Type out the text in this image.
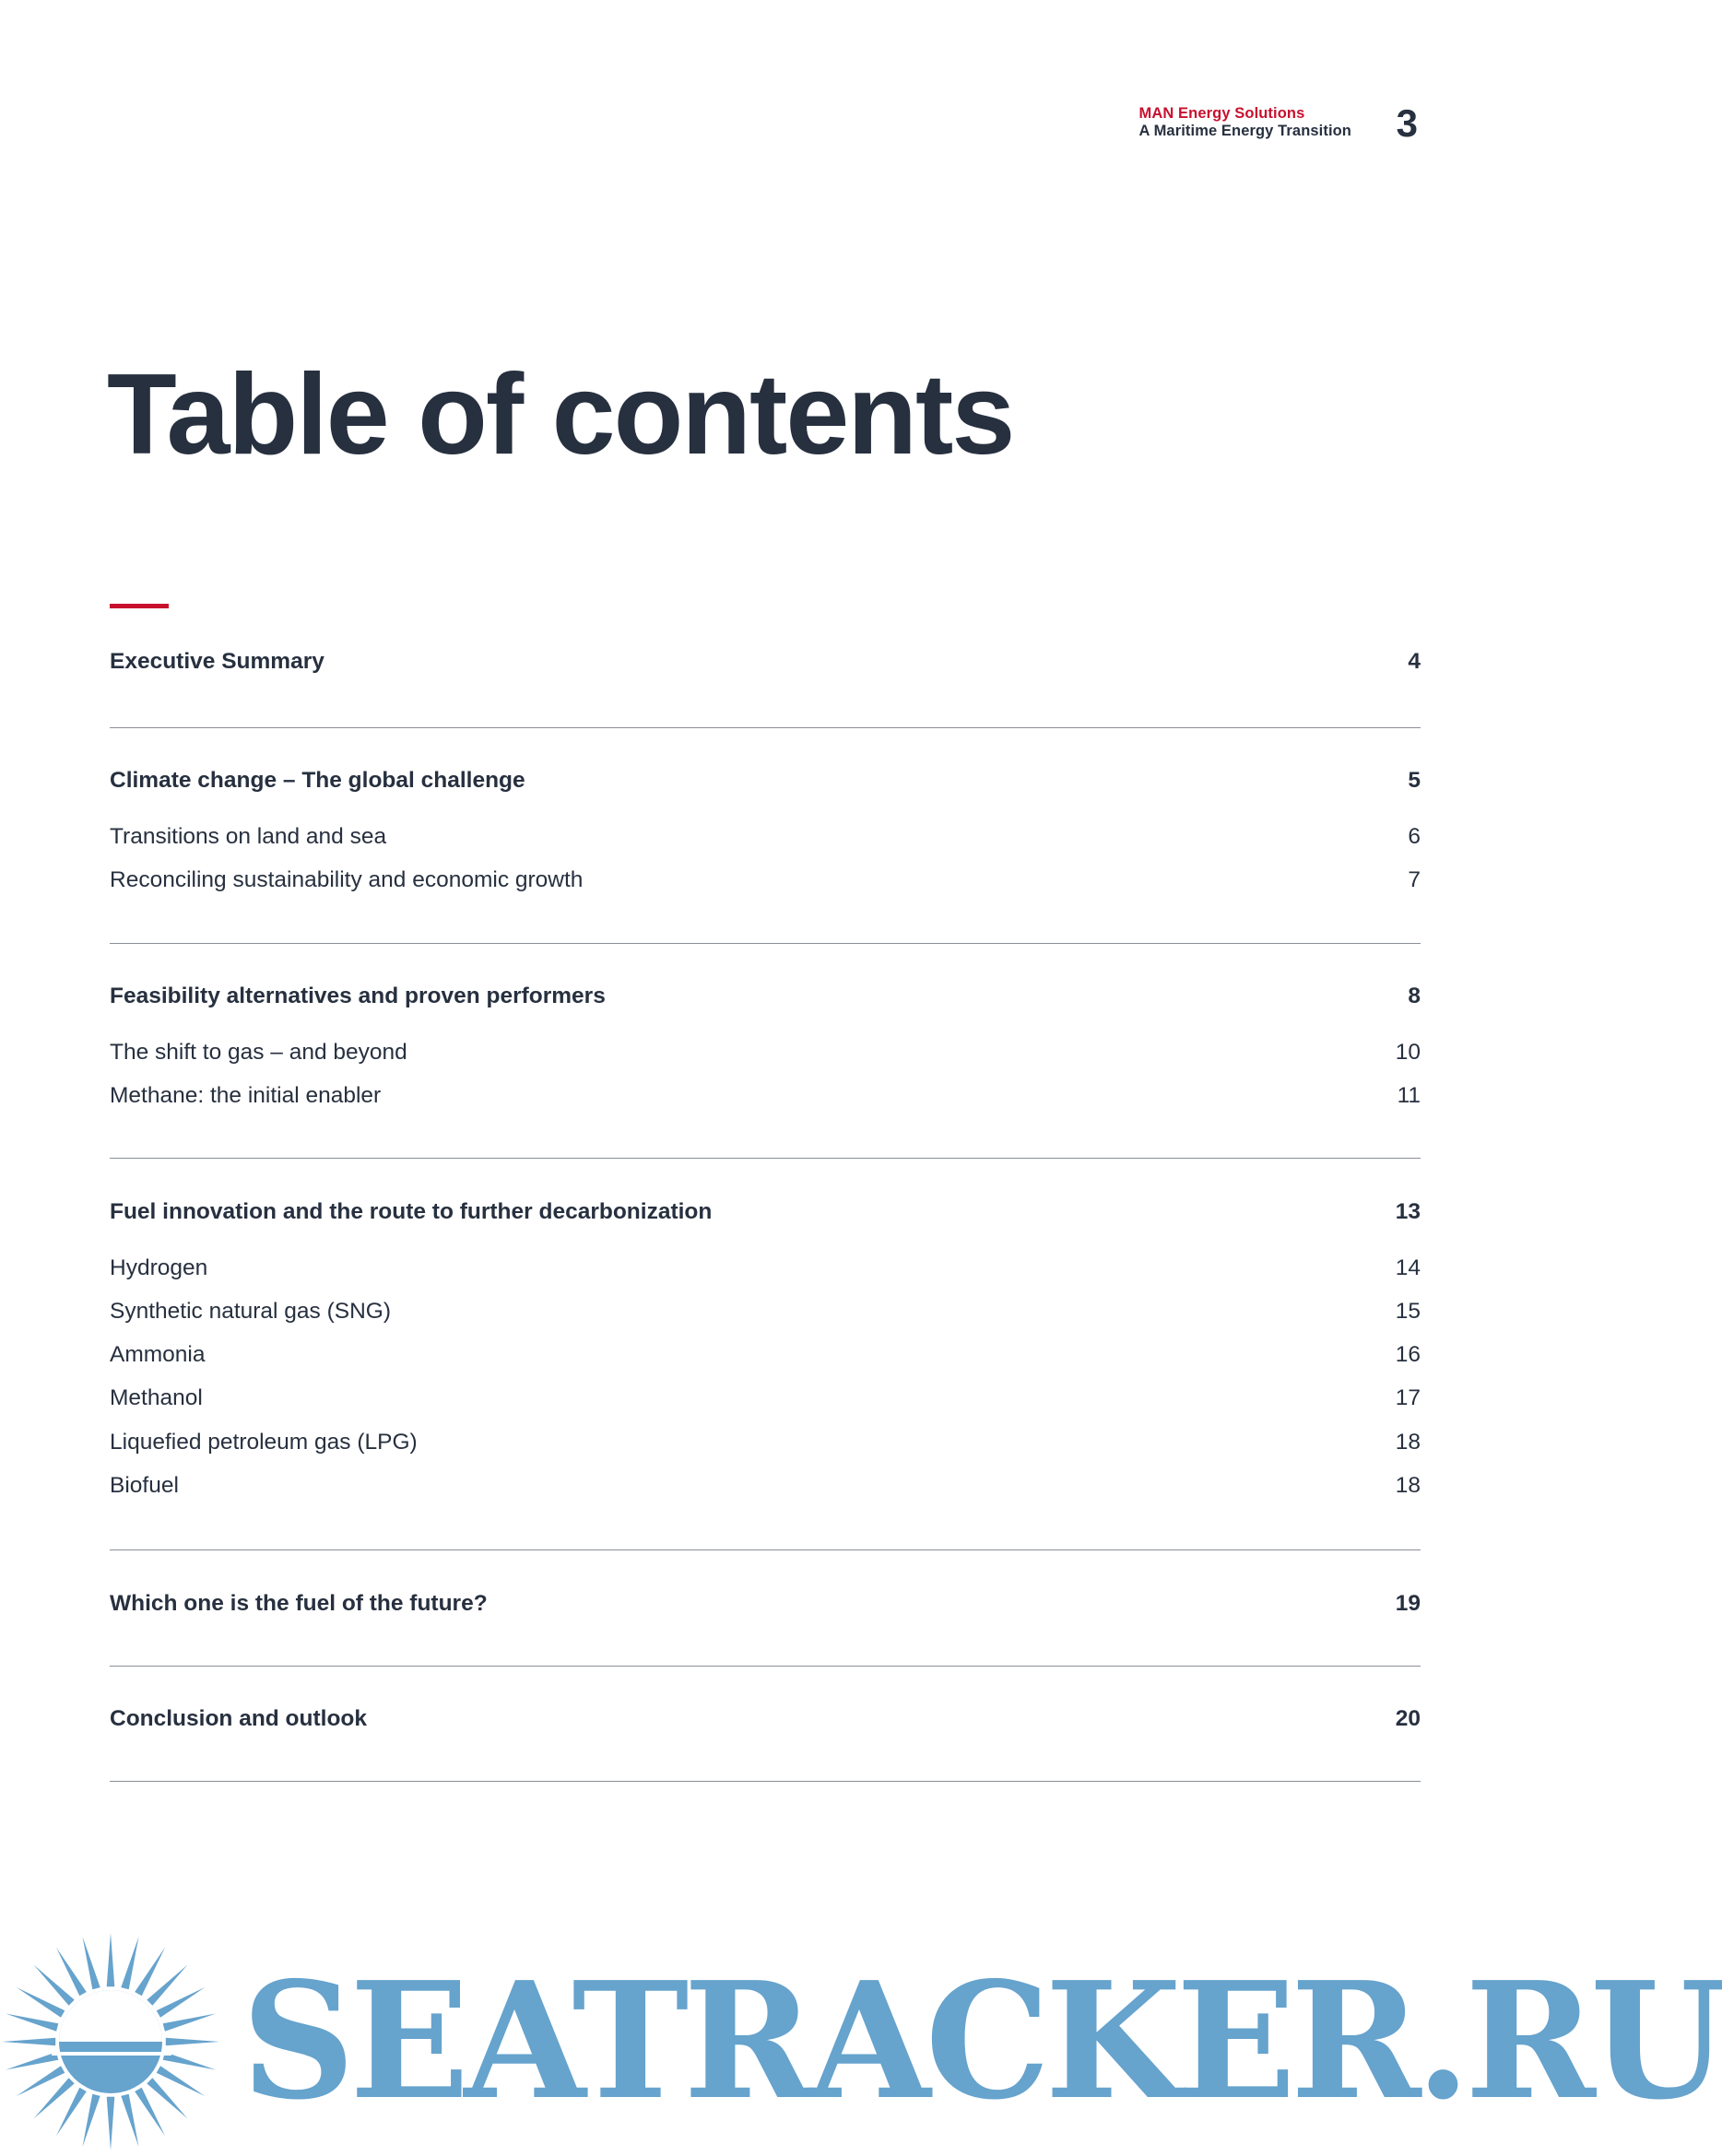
MAN Energy Solutions
A Maritime Energy Transition 3
Table of contents
Executive Summary	4
Climate change – The global challenge	5
Transitions on land and sea	6
Reconciling sustainability and economic growth	7
Feasibility alternatives and proven performers	8
The shift to gas – and beyond	10
Methane: the initial enabler	11
Fuel innovation and the route to further decarbonization	13
Hydrogen	14
Synthetic natural gas (SNG)	15
Ammonia	16
Methanol	17
Liquefied petroleum gas (LPG)	18
Biofuel	18
Which one is the fuel of the future?	19
Conclusion and outlook	20
SEATRACKER.RU
